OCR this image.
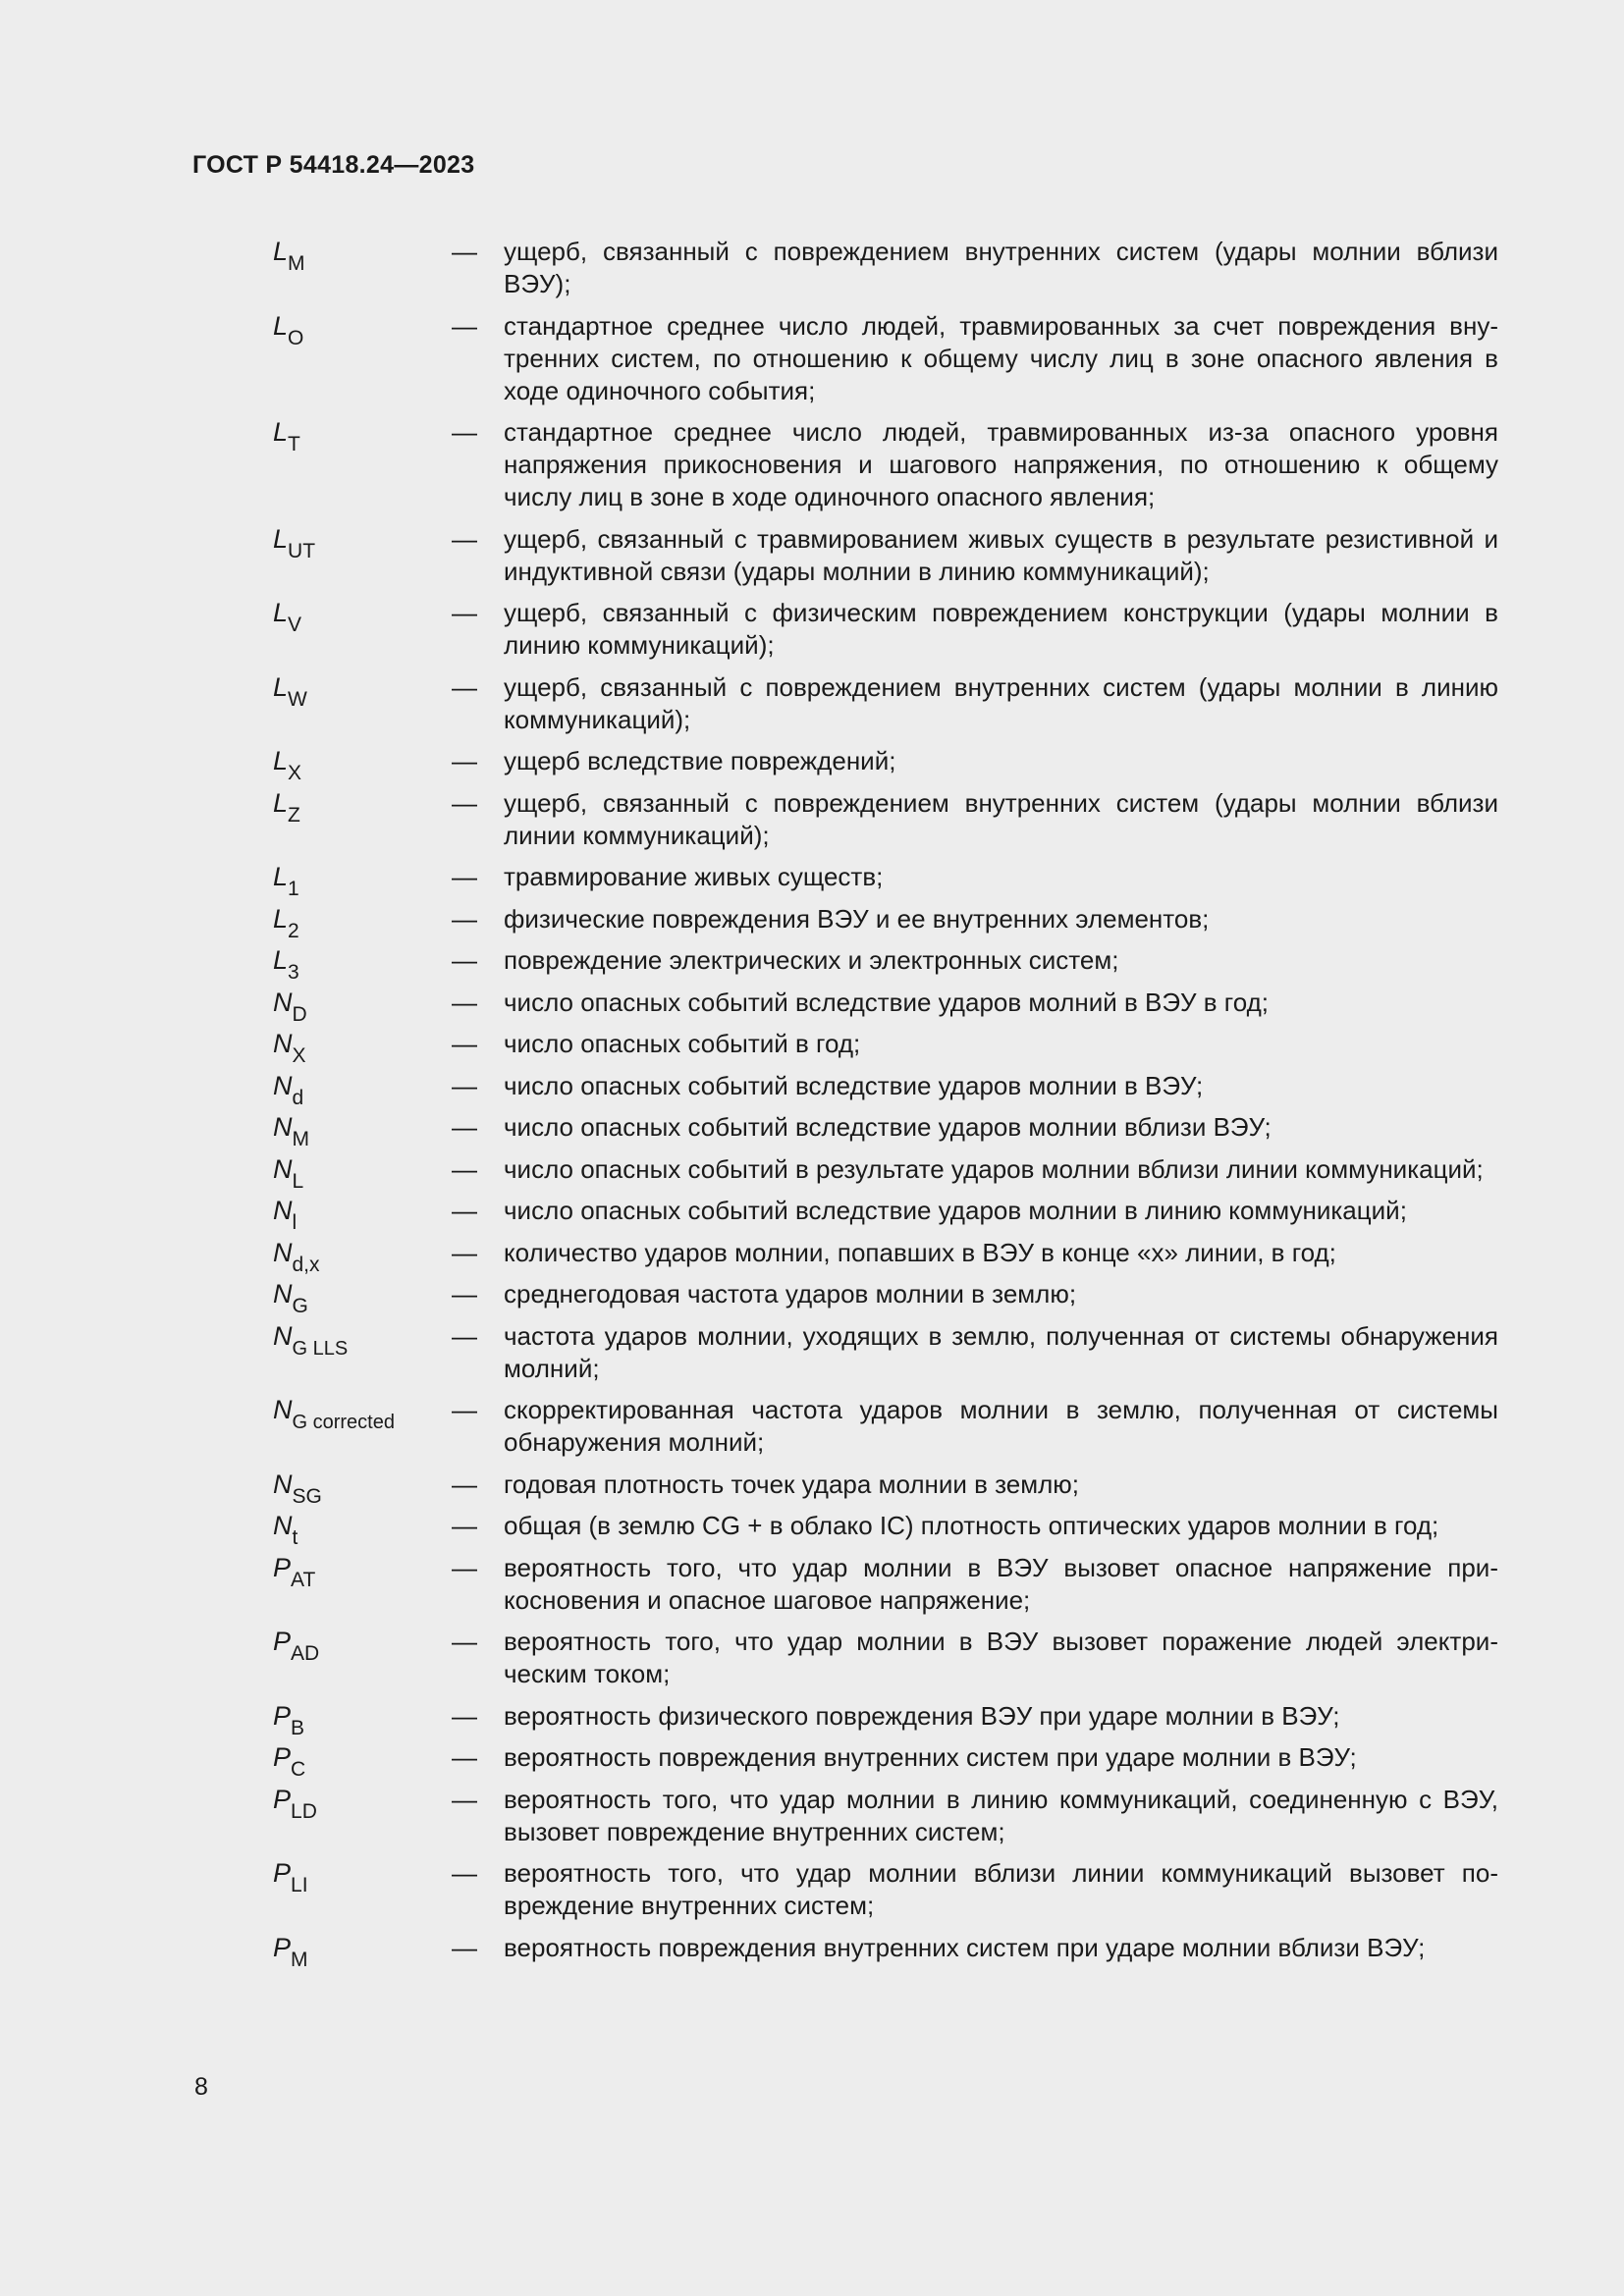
ГОСТ Р 54418.24—2023
$L_M$	—	ущерб, связанный с повреждением внутренних систем (удары молнии вблизи ВЭУ);
$L_O$	—	стандартное среднее число людей, травмированных за счет повреждения внутренних систем, по отношению к общему числу лиц в зоне опасного явления в ходе одиночного события;
$L_T$	—	стандартное среднее число людей, травмированных из-за опасного уровня напряжения прикосновения и шагового напряжения, по отношению к общему числу лиц в зоне в ходе одиночного опасного явления;
$L_{UT}$	—	ущерб, связанный с травмированием живых существ в результате резистивной и индуктивной связи (удары молнии в линию коммуникаций);
$L_V$	—	ущерб, связанный с физическим повреждением конструкции (удары молнии в линию коммуникаций);
$L_W$	—	ущерб, связанный с повреждением внутренних систем (удары молнии в линию коммуникаций);
$L_X$	—	ущерб вследствие повреждений;
$L_Z$	—	ущерб, связанный с повреждением внутренних систем (удары молнии вблизи линии коммуникаций);
$L_1$	—	травмирование живых существ;
$L_2$	—	физические повреждения ВЭУ и ее внутренних элементов;
$L_3$	—	повреждение электрических и электронных систем;
$N_D$	—	число опасных событий вследствие ударов молний в ВЭУ в год;
$N_X$	—	число опасных событий в год;
$N_d$	—	число опасных событий вследствие ударов молнии в ВЭУ;
$N_M$	—	число опасных событий вследствие ударов молнии вблизи ВЭУ;
$N_L$	—	число опасных событий в результате ударов молнии вблизи линии коммуникаций;
$N_l$	—	число опасных событий вследствие ударов молнии в линию коммуникаций;
$N_{d,x}$	—	количество ударов молнии, попавших в ВЭУ в конце «х» линии, в год;
$N_G$	—	среднегодовая частота ударов молнии в землю;
$N_{G LLS}$	—	частота ударов молнии, уходящих в землю, полученная от системы обнаружения молний;
$N_{G corrected}$	—	скорректированная частота ударов молнии в землю, полученная от системы обнаружения молний;
$N_{SG}$	—	годовая плотность точек удара молнии в землю;
$N_t$	—	общая (в землю CG + в облако IC) плотность оптических ударов молнии в год;
$P_{AT}$	—	вероятность того, что удар молнии в ВЭУ вызовет опасное напряжение прикосновения и опасное шаговое напряжение;
$P_{AD}$	—	вероятность того, что удар молнии в ВЭУ вызовет поражение людей электрическим током;
$P_B$	—	вероятность физического повреждения ВЭУ при ударе молнии в ВЭУ;
$P_C$	—	вероятность повреждения внутренних систем при ударе молнии в ВЭУ;
$P_{LD}$	—	вероятность того, что удар молнии в линию коммуникаций, соединенную с ВЭУ, вызовет повреждение внутренних систем;
$P_{LI}$	—	вероятность того, что удар молнии вблизи линии коммуникаций вызовет повреждение внутренних систем;
$P_M$	—	вероятность повреждения внутренних систем при ударе молнии вблизи ВЭУ;
8
